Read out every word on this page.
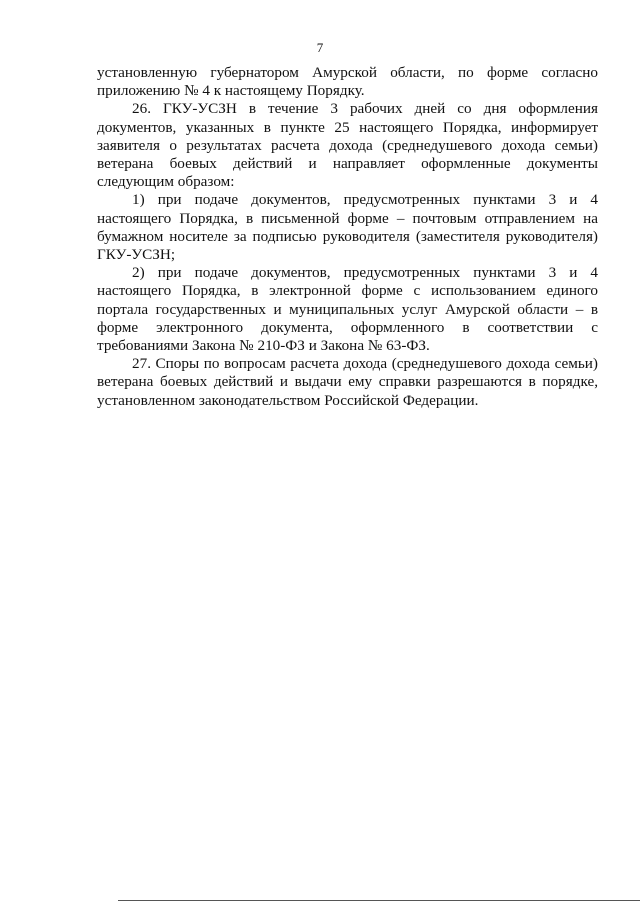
7

установленную губернатором Амурской области, по форме согласно приложению № 4 к настоящему Порядку.

26. ГКУ-УСЗН в течение 3 рабочих дней со дня оформления документов, указанных в пункте 25 настоящего Порядка, информирует заявителя о результатах расчета дохода (среднедушевого дохода семьи) ветерана боевых действий и направляет оформленные документы следующим образом:

1) при подаче документов, предусмотренных пунктами 3 и 4 настоящего Порядка, в письменной форме – почтовым отправлением на бумажном носителе за подписью руководителя (заместителя руководителя) ГКУ-УСЗН;

2) при подаче документов, предусмотренных пунктами 3 и 4 настоящего Порядка, в электронной форме с использованием единого портала государственных и муниципальных услуг Амурской области – в форме электронного документа, оформленного в соответствии с требованиями Закона № 210-ФЗ и Закона № 63-ФЗ.

27. Споры по вопросам расчета дохода (среднедушевого дохода семьи) ветерана боевых действий и выдачи ему справки разрешаются в порядке, установленном законодательством Российской Федерации.
